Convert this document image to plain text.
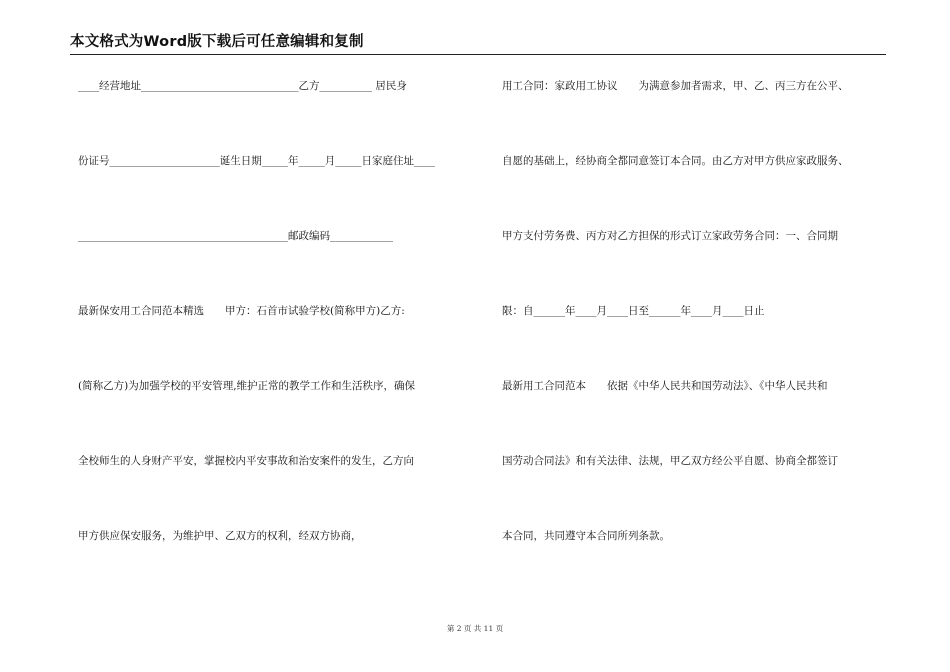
本文格式为Word版下载后可任意编辑和复制
____经营地址______________________________乙方__________ 居民身
份证号_____________________诞生日期_____年_____月_____日家庭住址____
________________________________________邮政编码____________
最新保安用工合同范本精选　　甲方：石首市试验学校(简称甲方)乙方:
(简称乙方)为加强学校的平安管理,维护正常的教学工作和生活秩序，确保
全校师生的人身财产平安，掌握校内平安事故和治安案件的发生，乙方向
甲方供应保安服务，为维护甲、乙双方的权利，经双方协商，
用工合同：家政用工协议　　为满意参加者需求，甲、乙、丙三方在公平、
自愿的基础上，经协商全都同意签订本合同。由乙方对甲方供应家政服务、
甲方支付劳务费、丙方对乙方担保的形式订立家政劳务合同：一、合同期
限：自______年____月____日至______年____月____日止
最新用工合同范本　　依据《中华人民共和国劳动法》、《中华人民共和
国劳动合同法》和有关法律、法规，甲乙双方经公平自愿、协商全都签订
本合同，共同遵守本合同所列条款。
第 2 页 共 11 页
